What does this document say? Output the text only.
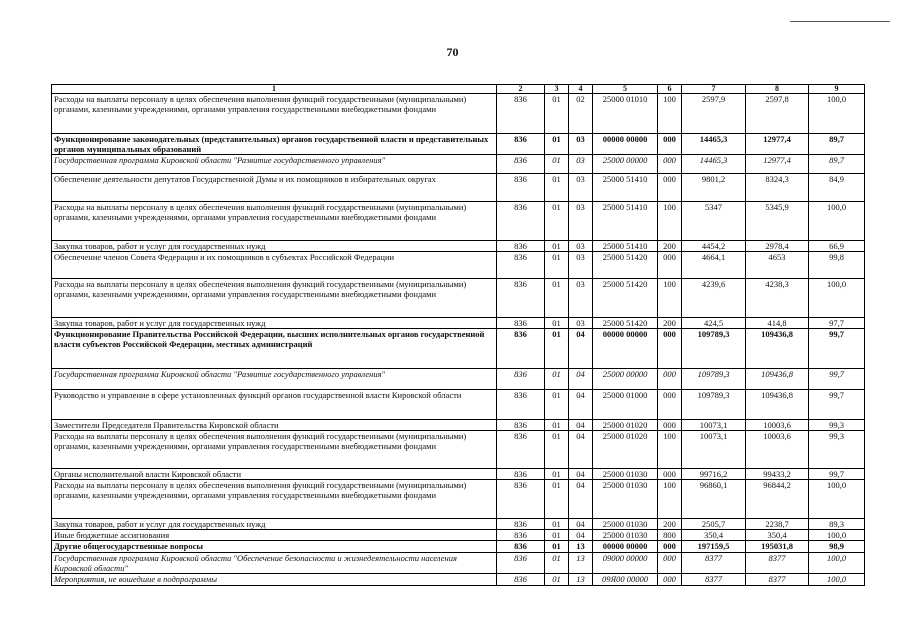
70
1	2	3	4	5	6	7	8	9
Расходы на выплаты персоналу в целях обеспечения выполнения функций государственными (муниципальными) органами, казенными учреждениями, органами управления государственными внебюджетными фондами	836	01	02	25000 01010	100	2597,9	2597,8	100,0
Функционирование законодательных (представительных) органов государственной власти и представительных органов муниципальных образований	836	01	03	00000 00000	000	14465,3	12977,4	89,7
Государственная программа Кировской области "Развитие государственного управления"	836	01	03	25000 00000	000	14465,3	12977,4	89,7
Обеспечение деятельности депутатов Государственной Думы и их помощников в избирательных округах	836	01	03	25000 51410	000	9801,2	8324,3	84,9
Расходы на выплаты персоналу в целях обеспечения выполнения функций государственными (муниципальными) органами, казенными учреждениями, органами управления государственными внебюджетными фондами	836	01	03	25000 51410	100	5347	5345,9	100,0
Закупка товаров, работ и услуг для государственных нужд	836	01	03	25000 51410	200	4454,2	2978,4	66,9
Обеспечение членов Совета Федерации и их помощников в субъектах Российской Федерации	836	01	03	25000 51420	000	4664,1	4653	99,8
Расходы на выплаты персоналу в целях обеспечения выполнения функций государственными (муниципальными) органами, казенными учреждениями, органами управления государственными внебюджетными фондами	836	01	03	25000 51420	100	4239,6	4238,3	100,0
Закупка товаров, работ и услуг для государственных нужд	836	01	03	25000 51420	200	424,5	414,8	97,7
Функционирование Правительства Российской Федерации, высших исполнительных органов государственной власти субъектов Российской Федерации, местных администраций	836	01	04	00000 00000	000	109789,3	109436,8	99,7
Государственная программа Кировской области "Развитие государственного управления"	836	01	04	25000 00000	000	109789,3	109436,8	99,7
Руководство и управление в сфере установленных функций органов государственной власти Кировской области	836	01	04	25000 01000	000	109789,3	109436,8	99,7
Заместители Председателя Правительства Кировской области	836	01	04	25000 01020	000	10073,1	10003,6	99,3
Расходы на выплаты персоналу в целях обеспечения выполнения функций государственными (муниципальными) органами, казенными учреждениями, органами управления государственными внебюджетными фондами	836	01	04	25000 01020	100	10073,1	10003,6	99,3
Органы исполнительной власти Кировской области	836	01	04	25000 01030	000	99716,2	99433,2	99,7
Расходы на выплаты персоналу в целях обеспечения выполнения функций государственными (муниципальными) органами, казенными учреждениями, органами управления государственными внебюджетными фондами	836	01	04	25000 01030	100	96860,1	96844,2	100,0
Закупка товаров, работ и услуг для государственных нужд	836	01	04	25000 01030	200	2505,7	2238,7	89,3
Иные бюджетные ассигнования	836	01	04	25000 01030	800	350,4	350,4	100,0
Другие общегосударственные вопросы	836	01	13	00000 00000	000	197159,5	195031,8	98,9
Государственная программа Кировской области "Обеспечение безопасности и жизнедеятельности населения Кировской области"	836	01	13	09000 00000	000	8377	8377	100,0
Мероприятия, не вошедшие в подпрограммы	836	01	13	09Я00 00000	000	8377	8377	100,0
